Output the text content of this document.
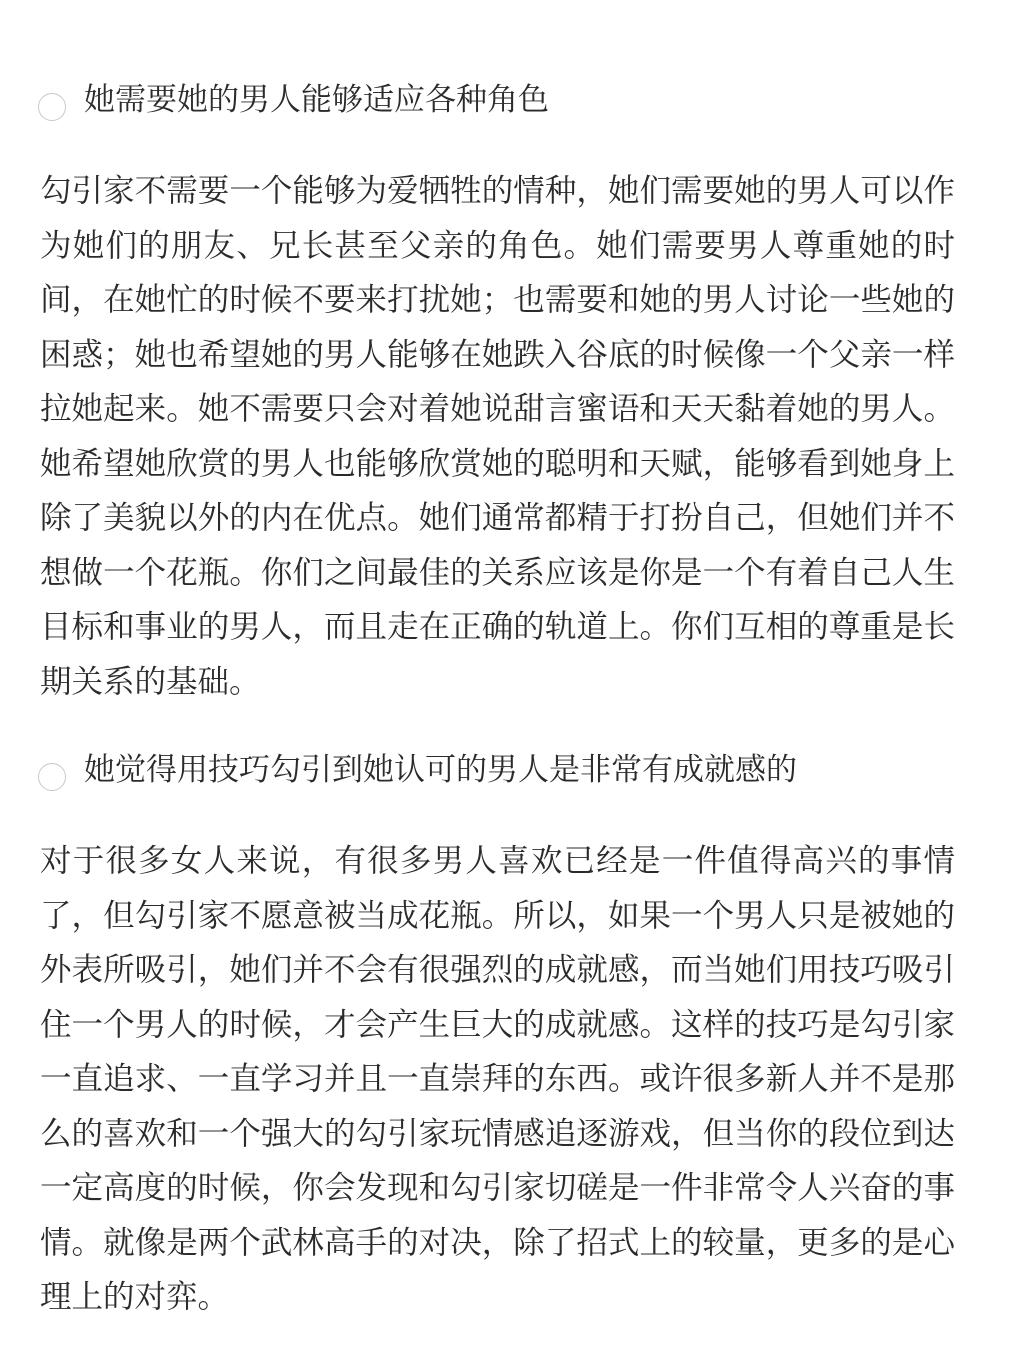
她需要她的男人能够适应各种角色

勾引家不需要一个能够为爱牺牲的情种，她们需要她的男人可以作为她们的朋友、兄长甚至父亲的角色。她们需要男人尊重她的时间，在她忙的时候不要来打扰她；也需要和她的男人讨论一些她的困惑；她也希望她的男人能够在她跌入谷底的时候像一个父亲一样拉她起来。她不需要只会对着她说甜言蜜语和天天黏着她的男人。她希望她欣赏的男人也能够欣赏她的聪明和天赋，能够看到她身上除了美貌以外的内在优点。她们通常都精于打扮自己，但她们并不想做一个花瓶。你们之间最佳的关系应该是你是一个有着自己人生目标和事业的男人，而且走在正确的轨道上。你们互相的尊重是长期关系的基础。

她觉得用技巧勾引到她认可的男人是非常有成就感的

对于很多女人来说，有很多男人喜欢已经是一件值得高兴的事情了，但勾引家不愿意被当成花瓶。所以，如果一个男人只是被她的外表所吸引，她们并不会有很强烈的成就感，而当她们用技巧吸引住一个男人的时候，才会产生巨大的成就感。这样的技巧是勾引家一直追求、一直学习并且一直崇拜的东西。或许很多新人并不是那么的喜欢和一个强大的勾引家玩情感追逐游戏，但当你的段位到达一定高度的时候，你会发现和勾引家切磋是一件非常令人兴奋的事情。就像是两个武林高手的对决，除了招式上的较量，更多的是心理上的对弈。
